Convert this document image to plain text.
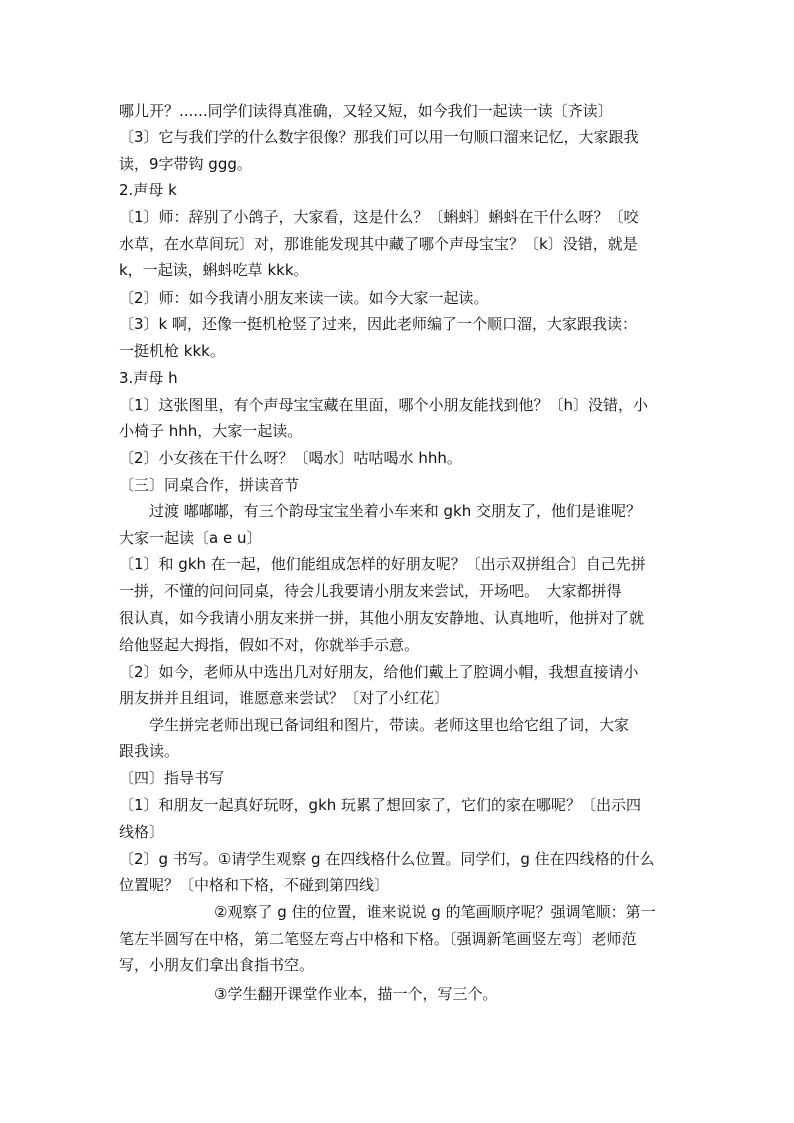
哪儿开？......同学们读得真准确，又轻又短，如今我们一起读一读〔齐读〕
〔3〕它与我们学的什么数字很像？那我们可以用一句顺口溜来记忆，大家跟我
读，9字带钩 ggg。
2.声母 k
〔1〕师：辞别了小鸽子，大家看，这是什么？〔蝌蚪〕蝌蚪在干什么呀？〔咬
水草，在水草间玩〕对，那谁能发现其中藏了哪个声母宝宝？〔k〕没错，就是
k，一起读，蝌蚪吃草 kkk。
〔2〕师：如今我请小朋友来读一读。如今大家一起读。
〔3〕k 啊，还像一挺机枪竖了过来，因此老师编了一个顺口溜，大家跟我读：
一挺机枪 kkk。
3.声母 h
〔1〕这张图里，有个声母宝宝藏在里面，哪个小朋友能找到他？〔h〕没错，小
小椅子 hhh，大家一起读。
〔2〕小女孩在干什么呀？〔喝水〕咕咕喝水 hhh。
〔三〕同桌合作，拼读音节
过渡 嘟嘟嘟，有三个韵母宝宝坐着小车来和 gkh 交朋友了，他们是谁呢？
大家一起读〔a e u〕
〔1〕和 gkh 在一起，他们能组成怎样的好朋友呢？〔出示双拼组合〕自己先拼
一拼，不懂的问问同桌，待会儿我要请小朋友来尝试，开场吧。　大家都拼得
很认真，如今我请小朋友来拼一拼，其他小朋友安静地、认真地听，他拼对了就
给他竖起大拇指，假如不对，你就举手示意。
〔2〕如今，老师从中选出几对好朋友，给他们戴上了腔调小帽，我想直接请小
朋友拼并且组词，谁愿意来尝试？〔对了小红花〕
学生拼完老师出现已备词组和图片，带读。老师这里也给它组了词，大家
跟我读。
〔四〕指导书写
〔1〕和朋友一起真好玩呀，gkh 玩累了想回家了，它们的家在哪呢？〔出示四
线格〕
〔2〕g 书写。①请学生观察 g 在四线格什么位置。同学们，g 住在四线格的什么
位置呢？〔中格和下格，不碰到第四线〕
②观察了 g 住的位置，谁来说说 g 的笔画顺序呢？强调笔顺：第一
笔左半圆写在中格，第二笔竖左弯占中格和下格。〔强调新笔画竖左弯〕老师范
写，小朋友们拿出食指书空。
③学生翻开课堂作业本，描一个，写三个。
